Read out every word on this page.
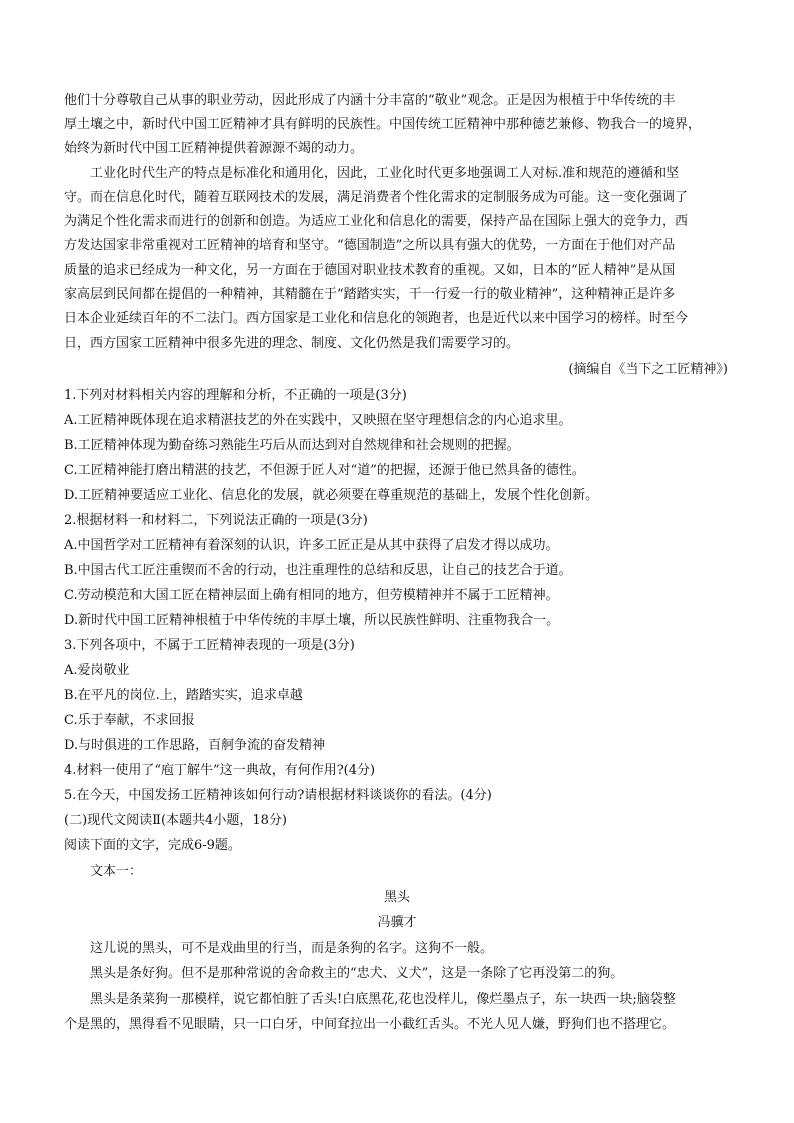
他们十分尊敬自己从事的职业劳动，因此形成了内涵十分丰富的“敬业”观念。正是因为根植于中华传统的丰
厚土壤之中，新时代中国工匠精神才具有鲜明的民族性。中国传统工匠精神中那种德艺兼修、物我合一的境界，
始终为新时代中国工匠精神提供着源源不竭的动力。
工业化时代生产的特点是标准化和通用化，因此，工业化时代更多地强调工人对标.准和规范的遵循和坚
守。而在信息化时代，随着互联网技术的发展，满足消费者个性化需求的定制服务成为可能。这一变化强调了
为满足个性化需求而进行的创新和创造。为适应工业化和信息化的需要，保持产品在国际上强大的竞争力，西
方发达国家非常重视对工匠精神的培育和坚守。“德国制造”之所以具有强大的优势，一方面在于他们对产品
质量的追求已经成为一种文化，另一方面在于德国对职业技术教育的重视。又如，日本的“匠人精神”是从国
家高层到民间都在提倡的一种精神，其精髓在于“踏踏实实，干一行爱一行的敬业精神”，这种精神正是许多
日本企业延续百年的不二法门。西方国家是工业化和信息化的领跑者，也是近代以来中国学习的榜样。时至今
日，西方国家工匠精神中很多先进的理念、制度、文化仍然是我们需要学习的。
(摘编自《当下之工匠精神》)
1.下列对材料相关内容的理解和分析，不正确的一项是(3分)
A.工匠精神既体现在追求精湛技艺的外在实践中，又映照在坚守理想信念的内心追求里。
B.工匠精神体现为勤奋练习熟能生巧后从而达到对自然规律和社会规则的把握。
C.工匠精神能打磨出精湛的技艺，不但源于匠人对“道”的把握，还源于他已然具备的德性。
D.工匠精神要适应工业化、信息化的发展，就必须要在尊重规范的基础上，发展个性化创新。
2.根据材料一和材料二，下列说法正确的一项是(3分)
A.中国哲学对工匠精神有着深刻的认识，许多工匠正是从其中获得了启发才得以成功。
B.中国古代工匠注重锲而不舍的行动，也注重理性的总结和反思，让自己的技艺合于道。
C.劳动模范和大国工匠在精神层面上确有相同的地方，但劳模精神并不属于工匠精神。
D.新时代中国工匠精神根植于中华传统的丰厚土壤，所以民族性鲜明、注重物我合一。
3.下列各项中，不属于工匠精神表现的一项是(3分)
A.爱岗敬业
B.在平凡的岗位.上，踏踏实实，追求卓越
C.乐于奉献，不求回报
D.与时俱进的工作思路，百舸争流的奋发精神
4.材料一使用了“庖丁解牛”这一典故，有何作用?(4分)
5.在今天，中国发扬工匠精神该如何行动?请根据材料谈谈你的看法。(4分)
(二)现代文阅读Ⅱ(本题共4小题，18分)
阅读下面的文字，完成6-9题。
文本一：
黑头
冯骥才
这儿说的黑头，可不是戏曲里的行当，而是条狗的名字。这狗不一般。
黑头是条好狗。但不是那种常说的舍命救主的“忠犬、义犬”，这是一条除了它再没第二的狗。
黑头是条菜狗一那模样，说它都怕脏了舌头!白底黑花,花也没样儿，像烂墨点子，东一块西一块;脑袋整
个是黑的，黑得看不见眼睛，只一口白牙，中间耷拉出一小截红舌头。不光人见人嫌，野狗们也不搭理它。
